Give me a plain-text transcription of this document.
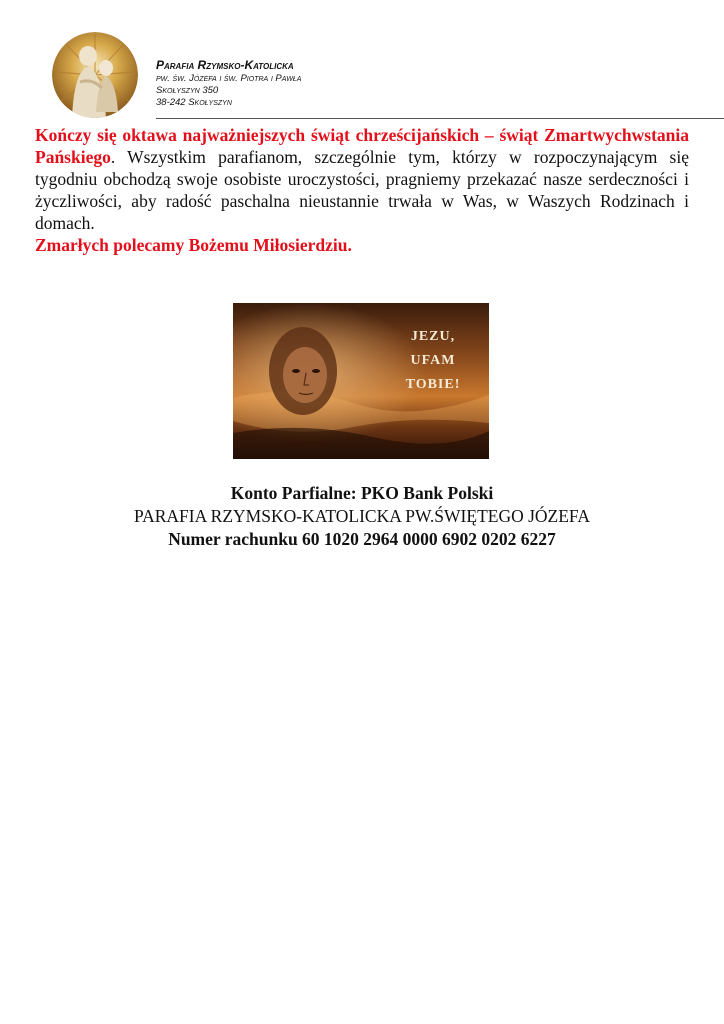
Parafia Rzymsko-Katolicka
pw. św. Józefa i św. Piotra i Pawła
Skołyszyn 350
38-242 Skołyszyn

Kończy się oktawa najważniejszych świąt chrześcijańskich – świąt Zmartwychwstania Pańskiego. Wszystkim parafianom, szczególnie tym, którzy w rozpoczynającym się tygodniu obchodzą swoje osobiste uroczystości, pragniemy przekazać nasze serdeczności i życzliwości, aby radość paschalna nieustannie trwała w Was, w Waszych Rodzinach i domach.

Zmarłych polecamy Bożemu Miłosierdziu.

JEZU,
UFAM
TOBIE!
Konto Parfialne: PKO Bank Polski
PARAFIA RZYMSKO-KATOLICKA PW.ŚWIĘTEGO JÓZEFA
Numer rachunku 60 1020 2964 0000 6902 0202 6227
